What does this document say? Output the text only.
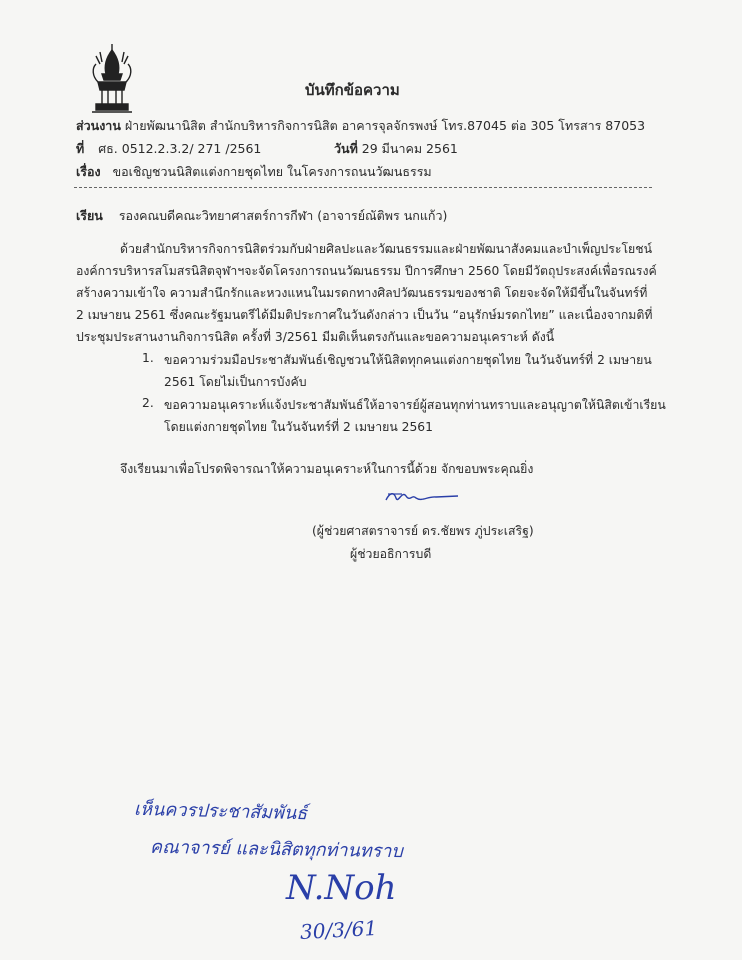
บันทึกข้อความ
ส่วนงาน ฝ่ายพัฒนานิสิต สำนักบริหารกิจการนิสิต อาคารจุลจักรพงษ์ โทร.87045 ต่อ 305 โทรสาร 87053
ที่ ศธ. 0512.2.3.2/ 271 /2561	วันที่ 29 มีนาคม 2561
เรื่อง ขอเชิญชวนนิสิตแต่งกายชุดไทย ในโครงการถนนวัฒนธรรม
เรียน รองคณบดีคณะวิทยาศาสตร์การกีฬา (อาจารย์ณัติพร นกแก้ว)
ด้วยสำนักบริหารกิจการนิสิตร่วมกับฝ่ายศิลปะและวัฒนธรรมและฝ่ายพัฒนาสังคมและบำเพ็ญประโยชน์
องค์การบริหารสโมสรนิสิตจุฬาฯจะจัดโครงการถนนวัฒนธรรม ปีการศึกษา 2560 โดยมีวัตถุประสงค์เพื่อรณรงค์
สร้างความเข้าใจ ความสำนึกรักและหวงแหนในมรดกทางศิลปวัฒนธรรมของชาติ โดยจะจัดให้มีขึ้นในจันทร์ที่
2 เมษายน 2561 ซึ่งคณะรัฐมนตรีได้มีมติประกาศในวันดังกล่าว เป็นวัน “อนุรักษ์มรดกไทย” และเนื่องจากมติที่
ประชุมประสานงานกิจการนิสิต ครั้งที่ 3/2561 มีมติเห็นตรงกันและขอความอนุเคราะห์ ดังนี้
1. ขอความร่วมมือประชาสัมพันธ์เชิญชวนให้นิสิตทุกคนแต่งกายชุดไทย ในวันจันทร์ที่ 2 เมษายน
2561 โดยไม่เป็นการบังคับ
2. ขอความอนุเคราะห์แจ้งประชาสัมพันธ์ให้อาจารย์ผู้สอนทุกท่านทราบและอนุญาตให้นิสิตเข้าเรียน
โดยแต่งกายชุดไทย ในวันจันทร์ที่ 2 เมษายน 2561
จึงเรียนมาเพื่อโปรดพิจารณาให้ความอนุเคราะห์ในการนี้ด้วย จักขอบพระคุณยิ่ง
(ผู้ช่วยศาสตราจารย์ ดร.ชัยพร ภู่ประเสริฐ)
ผู้ช่วยอธิการบดี
เห็นควรประชาสัมพันธ์
คณาจารย์ และนิสิตทุกท่านทราบ
N.Noh
30/3/61
